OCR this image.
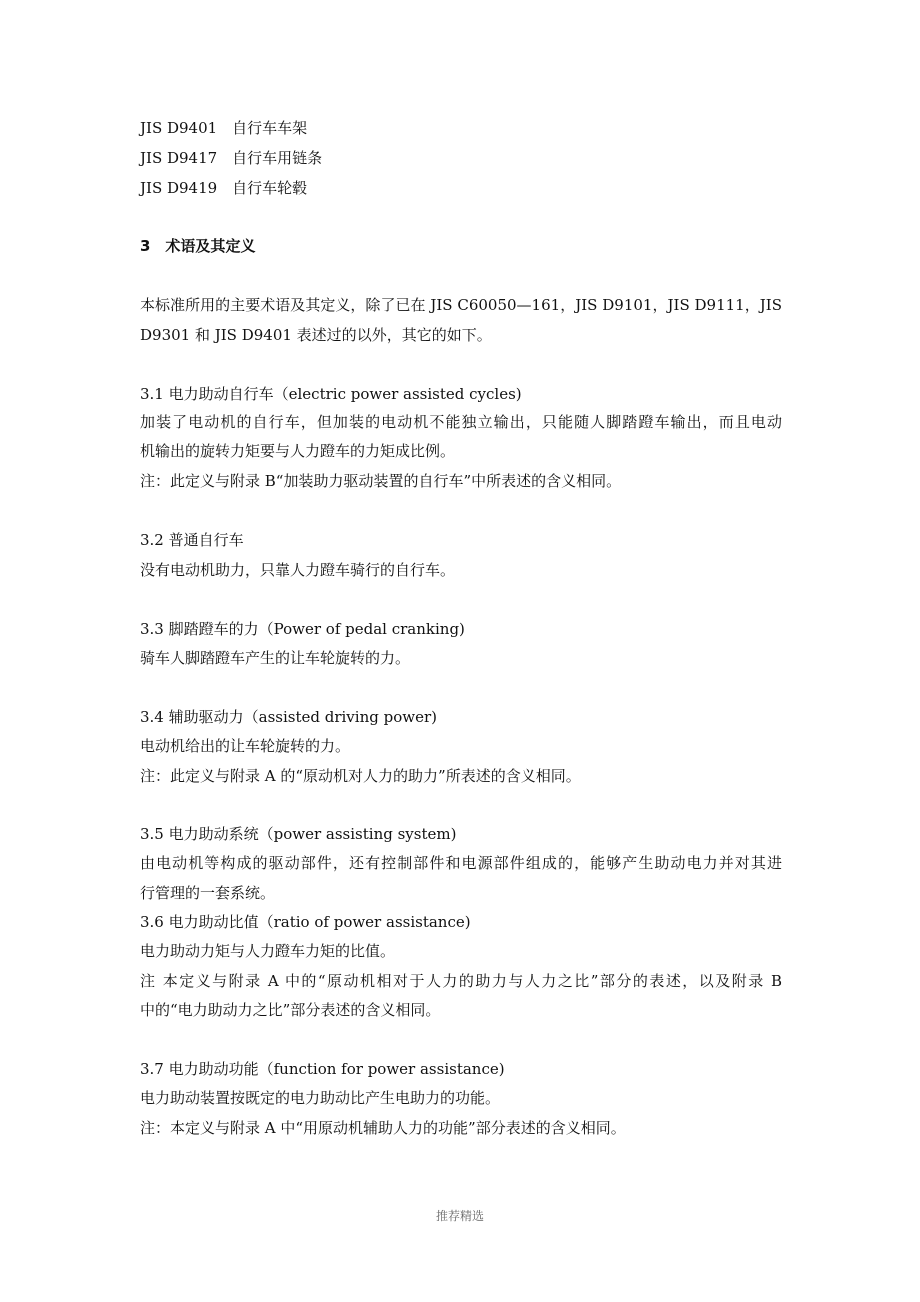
JIS D9401　自行车车架
JIS D9417　自行车用链条
JIS D9419　自行车轮毂
3　术语及其定义
本标准所用的主要术语及其定义，除了已在 JIS C60050—161，JIS D9101，JIS D9111，JIS
D9301 和 JIS D9401 表述过的以外，其它的如下。
3.1 电力助动自行车（electric power assisted cycles)
加装了电动机的自行车，但加装的电动机不能独立输出，只能随人脚踏蹬车输出，而且电动
机输出的旋转力矩要与人力蹬车的力矩成比例。
注：此定义与附录 B“加装助力驱动装置的自行车”中所表述的含义相同。
3.2 普通自行车
没有电动机助力，只靠人力蹬车骑行的自行车。
3.3 脚踏蹬车的力（Power of pedal cranking)
骑车人脚踏蹬车产生的让车轮旋转的力。
3.4 辅助驱动力（assisted driving power)
电动机给出的让车轮旋转的力。
注：此定义与附录 A 的“原动机对人力的助力”所表述的含义相同。
3.5 电力助动系统（power assisting system)
由电动机等构成的驱动部件，还有控制部件和电源部件组成的，能够产生助动电力并对其进
行管理的一套系统。
3.6 电力助动比值（ratio of power assistance)
电力助动力矩与人力蹬车力矩的比值。
注 本定义与附录 A 中的“原动机相对于人力的助力与人力之比”部分的表述，以及附录 B
中的“电力助动力之比”部分表述的含义相同。
3.7 电力助动功能（function for power assistance)
电力助动装置按既定的电力助动比产生电助力的功能。
注：本定义与附录 A 中“用原动机辅助人力的功能”部分表述的含义相同。
推荐精选
